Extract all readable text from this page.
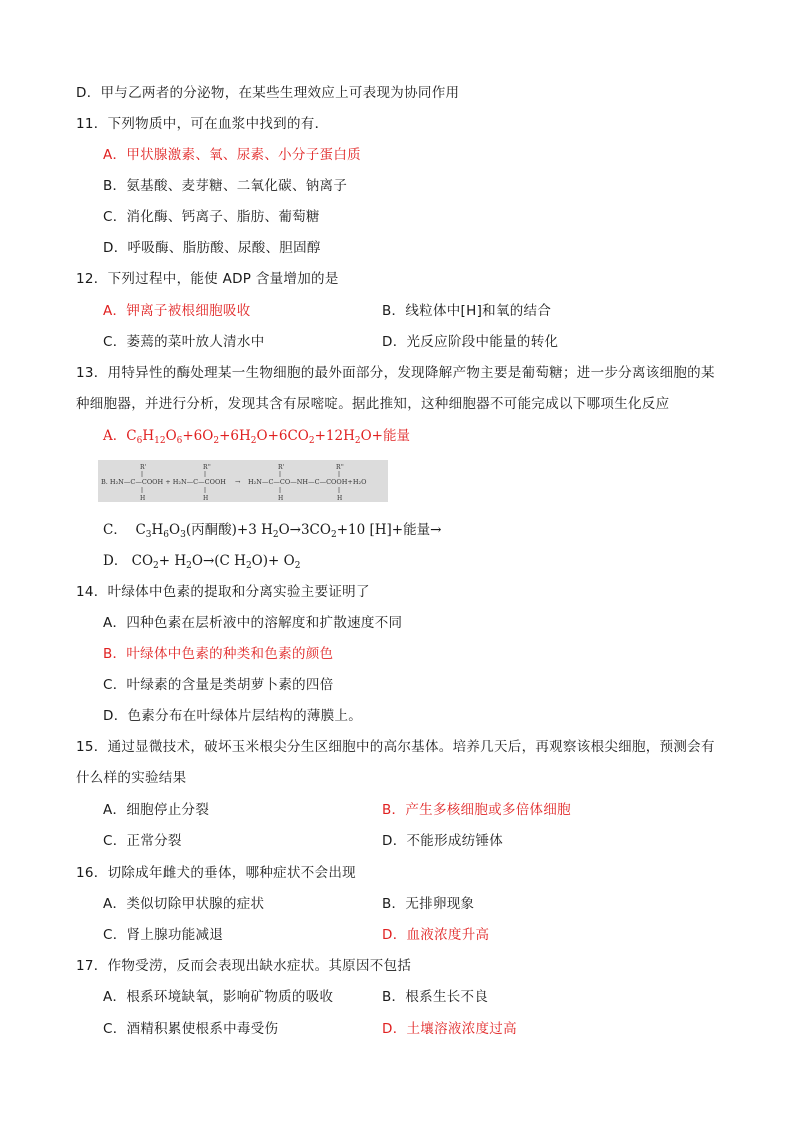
D．甲与乙两者的分泌物，在某些生理效应上可表现为协同作用
11．下列物质中，可在血浆中找到的有．
A．甲状腺激素、氧、尿素、小分子蛋白质
B．氨基酸、麦芽糖、二氧化碳、钠离子
C．消化酶、钙离子、脂肪、葡萄糖
D．呼吸酶、脂肪酸、尿酸、胆固醇
12．下列过程中，能使 ADP 含量增加的是
A．钾离子被根细胞吸收	B．线粒体中[H]和氧的结合
C．萎蔫的菜叶放人清水中	D．光反应阶段中能量的转化
13．用特异性的酶处理某一生物细胞的最外面部分，发现降解产物主要是葡萄糖；进一步分离该细胞的某
种细胞器，并进行分析，发现其含有尿嘧啶。据此推知，这种细胞器不可能完成以下哪项生化反应
A．$C_6H_{12}O_6+6O_2+6H_2O+6CO_2+12H_2O+$能量
R'	R''	R'	R''
B. H₂N—C—COOH + H₂N—C—COOH → H₂N—C—CO—NH—C—COOH+H₂O
H	H	H	H
C． $C_3H_6O_3$(丙酮酸)+3 $H_2O\to 3CO_2+10$ [H]+能量→
D． $CO_2+ H_2O\to(C$ $H_2O)+ O_2$
14．叶绿体中色素的提取和分离实验主要证明了
A．四种色素在层析液中的溶解度和扩散速度不同
B．叶绿体中色素的种类和色素的颜色
C．叶绿素的含量是类胡萝卜素的四倍
D．色素分布在叶绿体片层结构的薄膜上。
15．通过显微技术，破坏玉米根尖分生区细胞中的高尔基体。培养几天后，再观察该根尖细胞，预测会有
什么样的实验结果
A．细胞停止分裂	B．产生多核细胞或多倍体细胞
C．正常分裂	D．不能形成纺锤体
16．切除成年雌犬的垂体，哪种症状不会出现
A．类似切除甲状腺的症状	B．无排卵现象
C．肾上腺功能减退	D．血液浓度升高
17．作物受涝，反而会表现出缺水症状。其原因不包括
A．根系环境缺氧，影响矿物质的吸收	B．根系生长不良
C．酒精积累使根系中毒受伤	D．土壤溶液浓度过高
